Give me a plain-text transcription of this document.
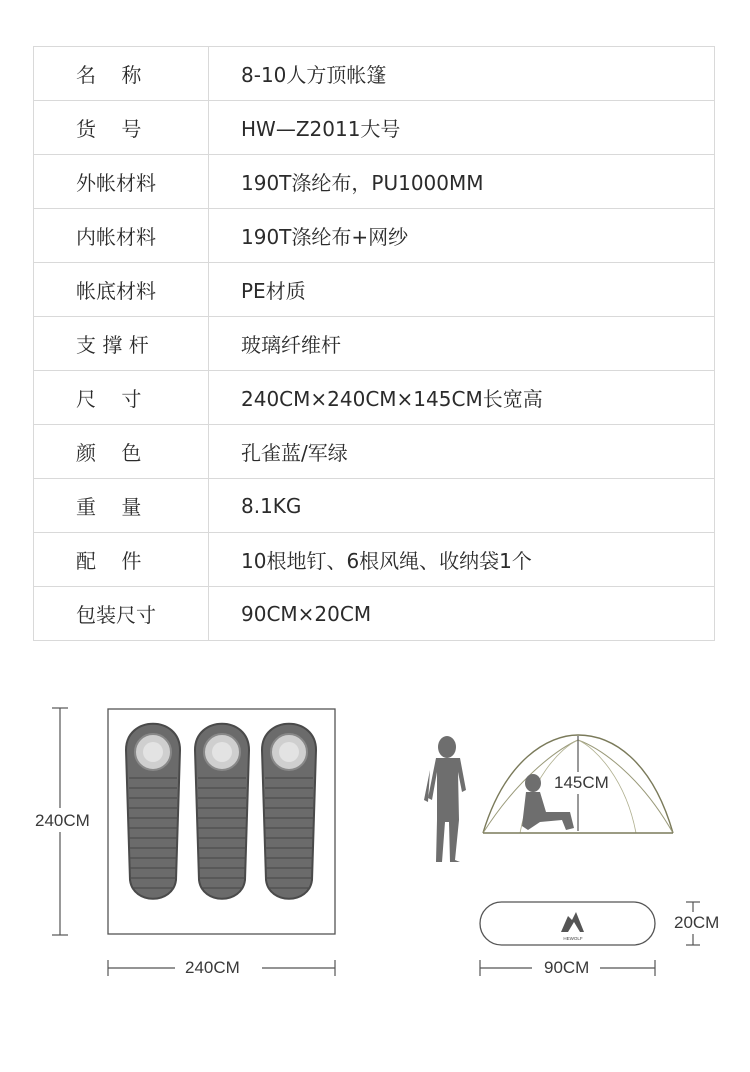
名    称	8-10人方顶帐篷
货    号	HW—Z2011大号
外帐材料	190T涤纶布，PU1000MM
内帐材料	190T涤纶布+网纱
帐底材料	PE材质
支 撑 杆	玻璃纤维杆
尺    寸	240CM×240CM×145CM长宽高
颜    色	孔雀蓝/军绿
重    量	8.1KG
配    件	10根地钉、6根风绳、收纳袋1个
包装尺寸	90CM×20CM
HEWOLF
240CM
240CM
145CM
20CM
90CM
